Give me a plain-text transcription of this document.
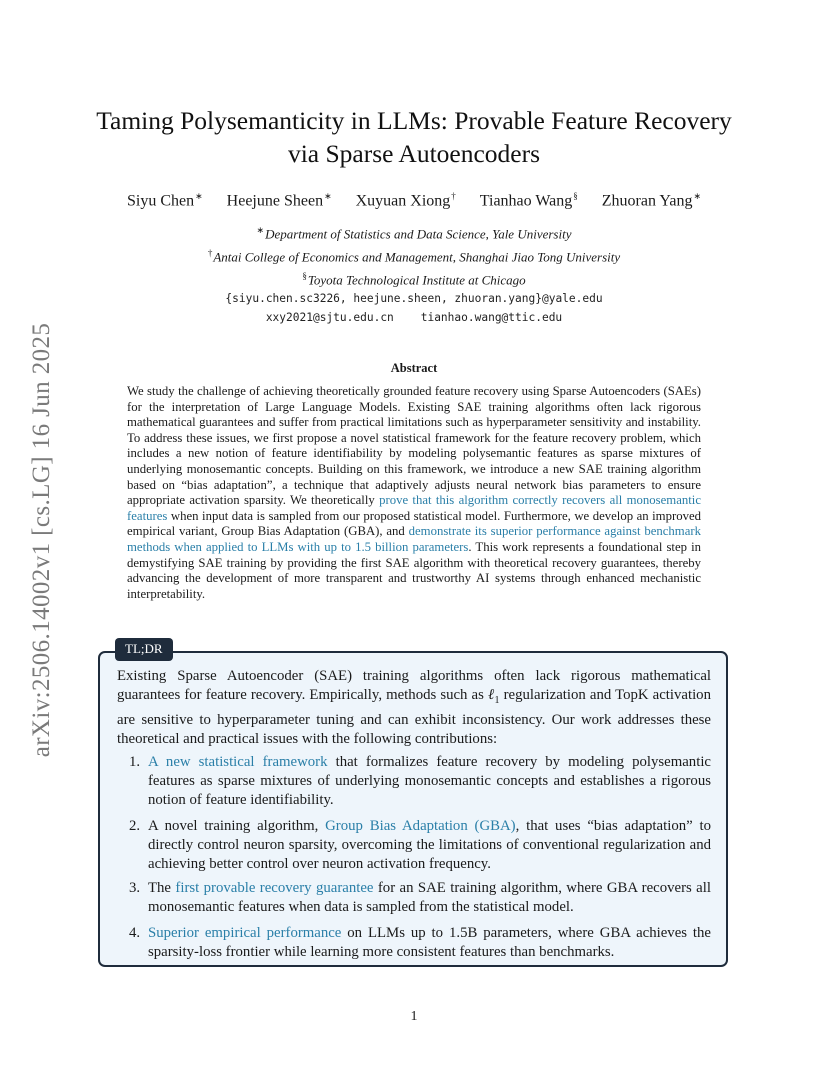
arXiv:2506.14002v1 [cs.LG] 16 Jun 2025
Taming Polysemanticity in LLMs: Provable Feature Recovery
via Sparse Autoencoders
Siyu Chen∗ Heejune Sheen∗ Xuyuan Xiong† Tianhao Wang§ Zhuoran Yang∗
∗Department of Statistics and Data Science, Yale University
†Antai College of Economics and Management, Shanghai Jiao Tong University
§Toyota Technological Institute at Chicago
{siyu.chen.sc3226, heejune.sheen, zhuoran.yang}@yale.edu
xxy2021@sjtu.edu.cn    tianhao.wang@ttic.edu
Abstract
We study the challenge of achieving theoretically grounded feature recovery using Sparse Autoencoders (SAEs) for the interpretation of Large Language Models. Existing SAE training algorithms often lack rigorous mathematical guarantees and suffer from practical limitations such as hyperparameter sensitivity and instability. To address these issues, we first propose a novel statistical framework for the feature recovery problem, which includes a new notion of feature identifiability by modeling polysemantic features as sparse mixtures of underlying monosemantic concepts. Building on this framework, we introduce a new SAE training algorithm based on “bias adaptation”, a technique that adaptively adjusts neural network bias parameters to ensure appropriate activation sparsity. We theoretically prove that this algorithm correctly recovers all monosemantic features when input data is sampled from our proposed statistical model. Furthermore, we develop an improved empirical variant, Group Bias Adaptation (GBA), and demonstrate its superior performance against benchmark methods when applied to LLMs with up to 1.5 billion parameters. This work represents a foundational step in demystifying SAE training by providing the first SAE algorithm with theoretical recovery guarantees, thereby advancing the development of more transparent and trustworthy AI systems through enhanced mechanistic interpretability.
TL;DR
Existing Sparse Autoencoder (SAE) training algorithms often lack rigorous mathematical guarantees for feature recovery. Empirically, methods such as ℓ$_1$ regularization and TopK activation are sensitive to hyperparameter tuning and can exhibit inconsistency. Our work addresses these theoretical and practical issues with the following contributions:
1. A new statistical framework that formalizes feature recovery by modeling polysemantic features as sparse mixtures of underlying monosemantic concepts and establishes a rigorous notion of feature identifiability.
2. A novel training algorithm, Group Bias Adaptation (GBA), that uses “bias adaptation” to directly control neuron sparsity, overcoming the limitations of conventional regularization and achieving better control over neuron activation frequency.
3. The first provable recovery guarantee for an SAE training algorithm, where GBA recovers all monosemantic features when data is sampled from the statistical model.
4. Superior empirical performance on LLMs up to 1.5B parameters, where GBA achieves the sparsity-loss frontier while learning more consistent features than benchmarks.
1
